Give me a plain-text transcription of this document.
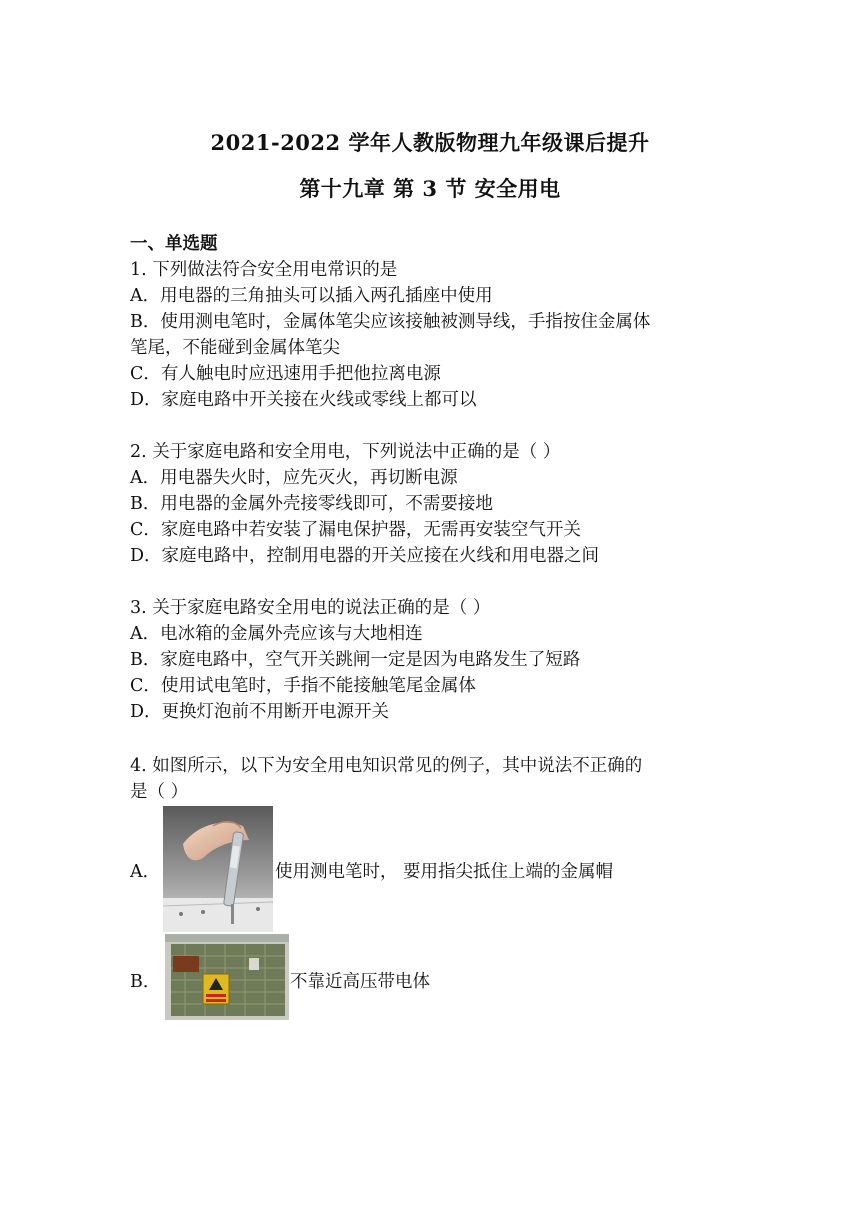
2021-2022 学年人教版物理九年级课后提升
第十九章 第 3 节 安全用电
一、单选题
1. 下列做法符合安全用电常识的是
A．用电器的三角抽头可以插入两孔插座中使用
B．使用测电笔时，金属体笔尖应该接触被测导线，手指按住金属体
笔尾，不能碰到金属体笔尖
C．有人触电时应迅速用手把他拉离电源
D．家庭电路中开关接在火线或零线上都可以
2. 关于家庭电路和安全用电，下列说法中正确的是（ ）
A．用电器失火时，应先灭火，再切断电源
B．用电器的金属外壳接零线即可，不需要接地
C．家庭电路中若安装了漏电保护器，无需再安装空气开关
D．家庭电路中，控制用电器的开关应接在火线和用电器之间
3. 关于家庭电路安全用电的说法正确的是（ ）
A．电冰箱的金属外壳应该与大地相连
B．家庭电路中，空气开关跳闸一定是因为电路发生了短路
C．使用试电笔时，手指不能接触笔尾金属体
D．更换灯泡前不用断开电源开关
4. 如图所示，以下为安全用电知识常见的例子，其中说法不正确的
是（ ）
A．	使用测电笔时， 要用指尖抵住上端的金属帽
B．	不靠近高压带电体
